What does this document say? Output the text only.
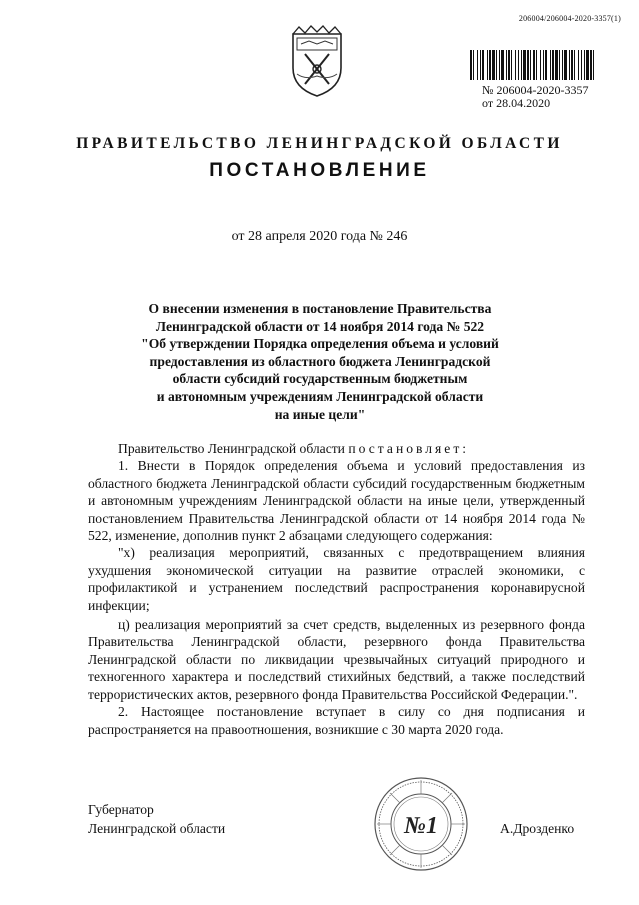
206004/206004-2020-3357(1)
№ 206004-2020-3357
от 28.04.2020
ПРАВИТЕЛЬСТВО ЛЕНИНГРАДСКОЙ ОБЛАСТИ
ПОСТАНОВЛЕНИЕ
от 28 апреля 2020 года № 246
О внесении изменения в постановление Правительства
Ленинградской области от 14 ноября 2014 года № 522
"Об утверждении Порядка определения объема и условий
предоставления из областного бюджета Ленинградской
области субсидий государственным бюджетным
и автономным учреждениям Ленинградской области
на иные цели"

Правительство Ленинградской области постановляет:

1. Внести в Порядок определения объема и условий предоставления из областного бюджета Ленинградской области субсидий государственным бюджетным и автономным учреждениям Ленинградской области на иные цели, утвержденный постановлением Правительства Ленинградской области от 14 ноября 2014 года № 522, изменение, дополнив пункт 2 абзацами следующего содержания:

"х) реализация мероприятий, связанных с предотвращением влияния ухудшения экономической ситуации на развитие отраслей экономики, с профилактикой и устранением последствий распространения коронавирусной инфекции;

ц) реализация мероприятий за счет средств, выделенных из резервного фонда Правительства Ленинградской области, резервного фонда Правительства Ленинградской области по ликвидации чрезвычайных ситуаций природного и техногенного характера и последствий стихийных бедствий, а также последствий террористических актов, резервного фонда Правительства Российской Федерации.".

2. Настоящее постановление вступает в силу со дня подписания и распространяется на правоотношения, возникшие с 30 марта 2020 года.

Губернатор
Ленинградской области	№1	А.Дрозденко
